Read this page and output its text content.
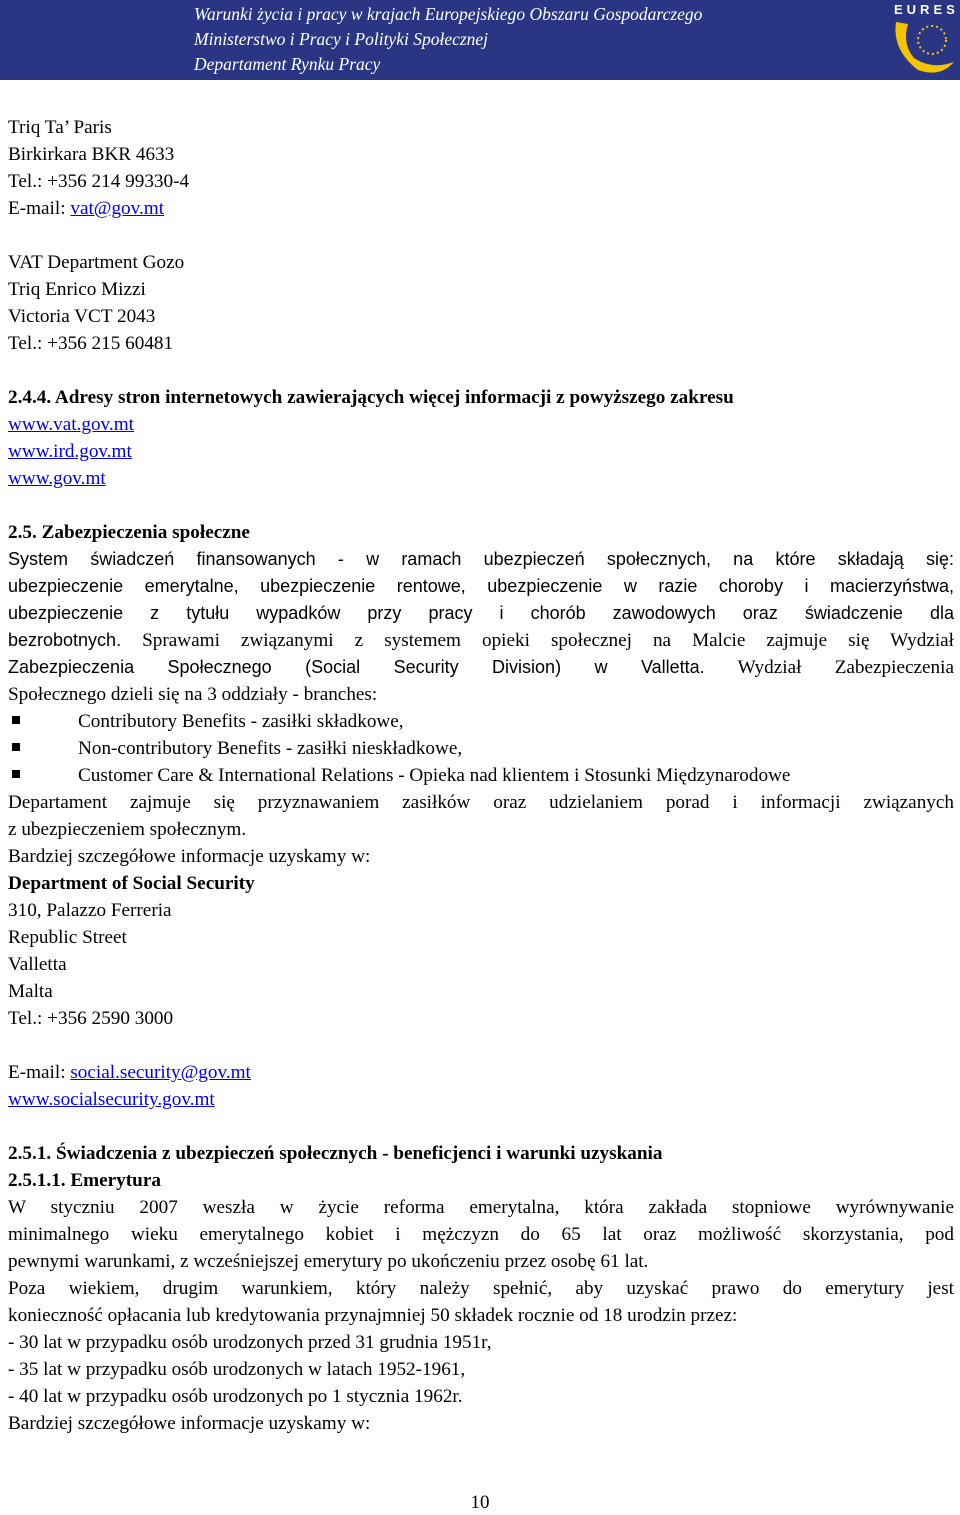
Warunki życia i pracy w krajach Europejskiego Obszaru Gospodarczego
Ministerstwo i Pracy i Polityki Społecznej
Departament Rynku Pracy
EURES
Triq Ta’ Paris
Birkirkara BKR 4633
Tel.: +356 214 99330-4
E-mail: vat@gov.mt
VAT Department Gozo
Triq Enrico Mizzi
Victoria VCT 2043
Tel.: +356 215 60481
2.4.4. Adresy stron internetowych zawierających więcej informacji z powyższego zakresu
www.vat.gov.mt
www.ird.gov.mt
www.gov.mt
2.5. Zabezpieczenia społeczne
System świadczeń finansowanych - w ramach ubezpieczeń społecznych, na które składają się:
ubezpieczenie emerytalne, ubezpieczenie rentowe, ubezpieczenie w razie choroby i macierzyństwa,
ubezpieczenie z tytułu wypadków przy pracy i chorób zawodowych oraz świadczenie dla
bezrobotnych. Sprawami związanymi z systemem opieki społecznej na Malcie zajmuje się Wydział
Zabezpieczenia Społecznego (Social Security Division) w Valletta. Wydział Zabezpieczenia
Społecznego dzieli się na 3 oddziały - branches:
Contributory Benefits - zasiłki składkowe,
Non-contributory Benefits - zasiłki nieskładkowe,
Customer Care & International Relations - Opieka nad klientem i Stosunki Międzynarodowe
Departament zajmuje się przyznawaniem zasiłków oraz udzielaniem porad i informacji związanych
z ubezpieczeniem społecznym.
Bardziej szczegółowe informacje uzyskamy w:
Department of Social Security
310, Palazzo Ferreria
Republic Street
Valletta
Malta
Tel.: +356 2590 3000
E-mail: social.security@gov.mt
www.socialsecurity.gov.mt
2.5.1. Świadczenia z ubezpieczeń społecznych - beneficjenci i warunki uzyskania
2.5.1.1. Emerytura
W styczniu 2007 weszła w życie reforma emerytalna, która zakłada stopniowe wyrównywanie
minimalnego wieku emerytalnego kobiet i mężczyzn do 65 lat oraz możliwość skorzystania, pod
pewnymi warunkami, z wcześniejszej emerytury po ukończeniu przez osobę 61 lat.
Poza wiekiem, drugim warunkiem, który należy spełnić, aby uzyskać prawo do emerytury jest
konieczność opłacania lub kredytowania przynajmniej 50 składek rocznie od 18 urodzin przez:
- 30 lat w przypadku osób urodzonych przed 31 grudnia 1951r,
- 35 lat w przypadku osób urodzonych w latach 1952-1961,
- 40 lat w przypadku osób urodzonych po 1 stycznia 1962r.
Bardziej szczegółowe informacje uzyskamy w:
10
